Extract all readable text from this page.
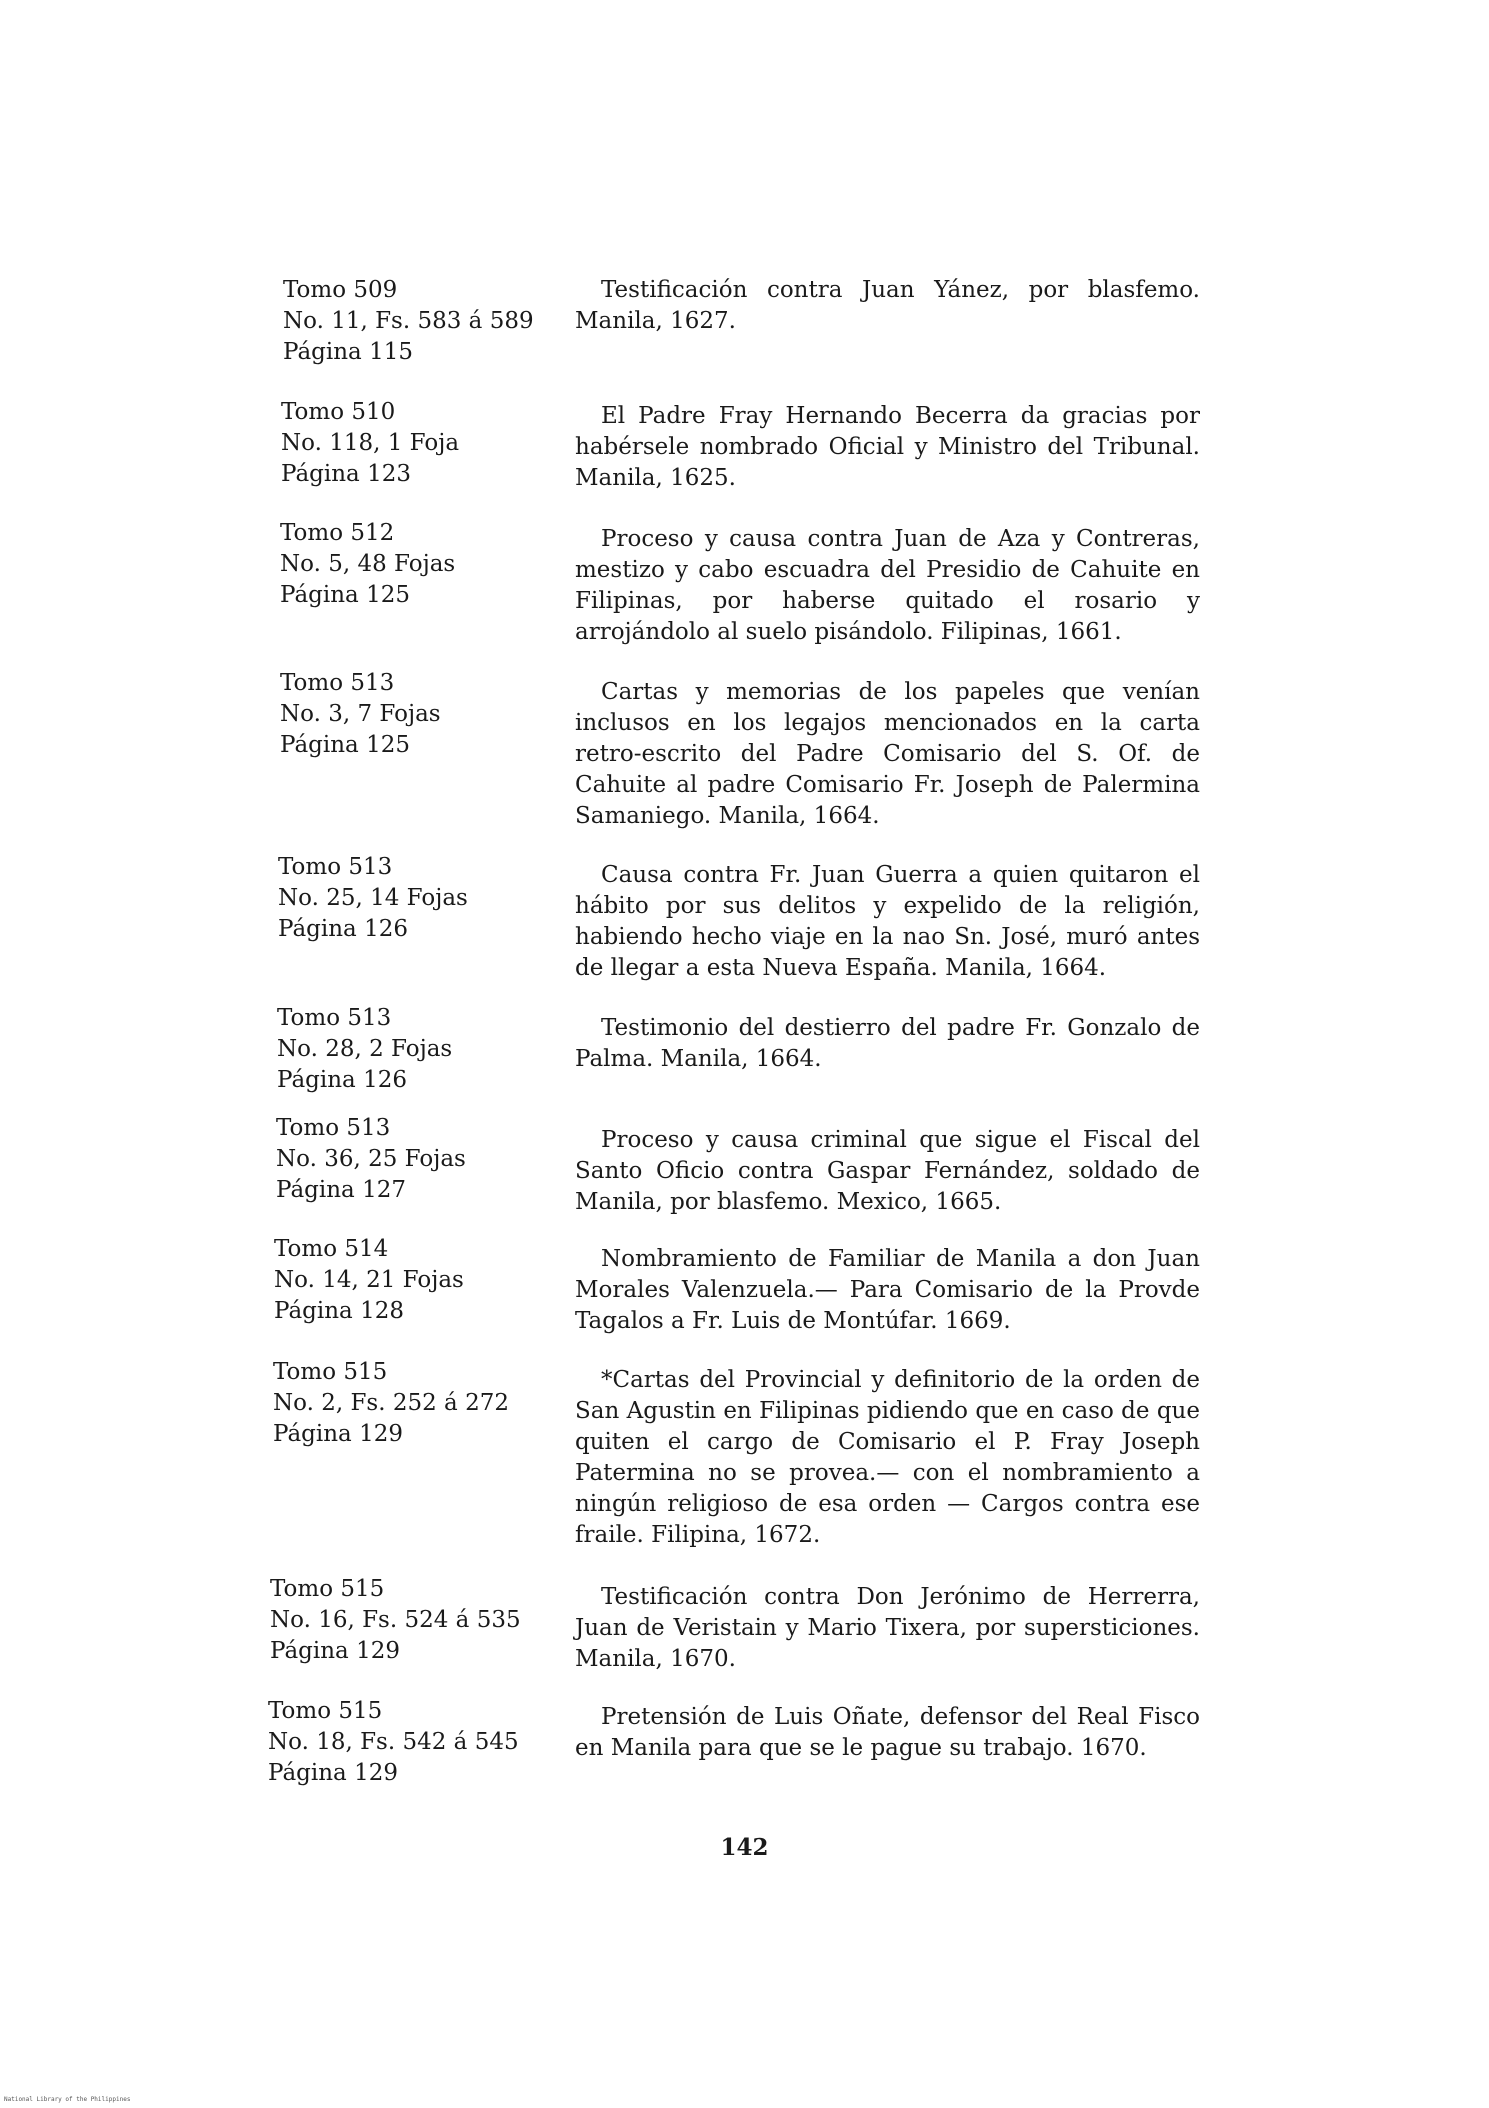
Tomo 509
No. 11, Fs. 583 á 589
Página 115
Testificación contra Juan Yánez, por blasfemo. Manila, 1627.
Tomo 510
No. 118, 1 Foja
Página 123
El Padre Fray Hernando Becerra da gracias por habérsele nombrado Oficial y Ministro del Tribunal. Manila, 1625.
Tomo 512
No. 5, 48 Fojas
Página 125
Proceso y causa contra Juan de Aza y Contreras, mestizo y cabo escuadra del Presidio de Cahuite en Filipinas, por haberse quitado el rosario y arrojándolo al suelo pisándolo. Filipinas, 1661.
Tomo 513
No. 3, 7 Fojas
Página 125
Cartas y memorias de los papeles que venían inclusos en los legajos mencionados en la carta retro-escrito del Padre Comisario del S. Of. de Cahuite al padre Comisario Fr. Joseph de Palermina Samaniego. Manila, 1664.
Tomo 513
No. 25, 14 Fojas
Página 126
Causa contra Fr. Juan Guerra a quien quitaron el hábito por sus delitos y expelido de la religión, habiendo hecho viaje en la nao Sn. José, muró antes de llegar a esta Nueva España. Manila, 1664.
Tomo 513
No. 28, 2 Fojas
Página 126
Testimonio del destierro del padre Fr. Gonzalo de Palma. Manila, 1664.
Tomo 513
No. 36, 25 Fojas
Página 127
Proceso y causa criminal que sigue el Fiscal del Santo Oficio contra Gaspar Fernández, soldado de Manila, por blasfemo. Mexico, 1665.
Tomo 514
No. 14, 21 Fojas
Página 128
Nombramiento de Familiar de Manila a don Juan Morales Valenzuela.— Para Comisario de la Provde Tagalos a Fr. Luis de Montúfar. 1669.
Tomo 515
No. 2, Fs. 252 á 272
Página 129
*Cartas del Provincial y definitorio de la orden de San Agustin en Filipinas pidiendo que en caso de que quiten el cargo de Comisario el P. Fray Joseph Patermina no se provea.— con el nombramiento a ningún religioso de esa orden — Cargos contra ese fraile. Filipina, 1672.
Tomo 515
No. 16, Fs. 524 á 535
Página 129
Testificación contra Don Jerónimo de Herrerra, Juan de Veristain y Mario Tixera, por supersticiones. Manila, 1670.
Tomo 515
No. 18, Fs. 542 á 545
Página 129
Pretensión de Luis Oñate, defensor del Real Fisco en Manila para que se le pague su trabajo. 1670.
142
National Library of the Philippines
